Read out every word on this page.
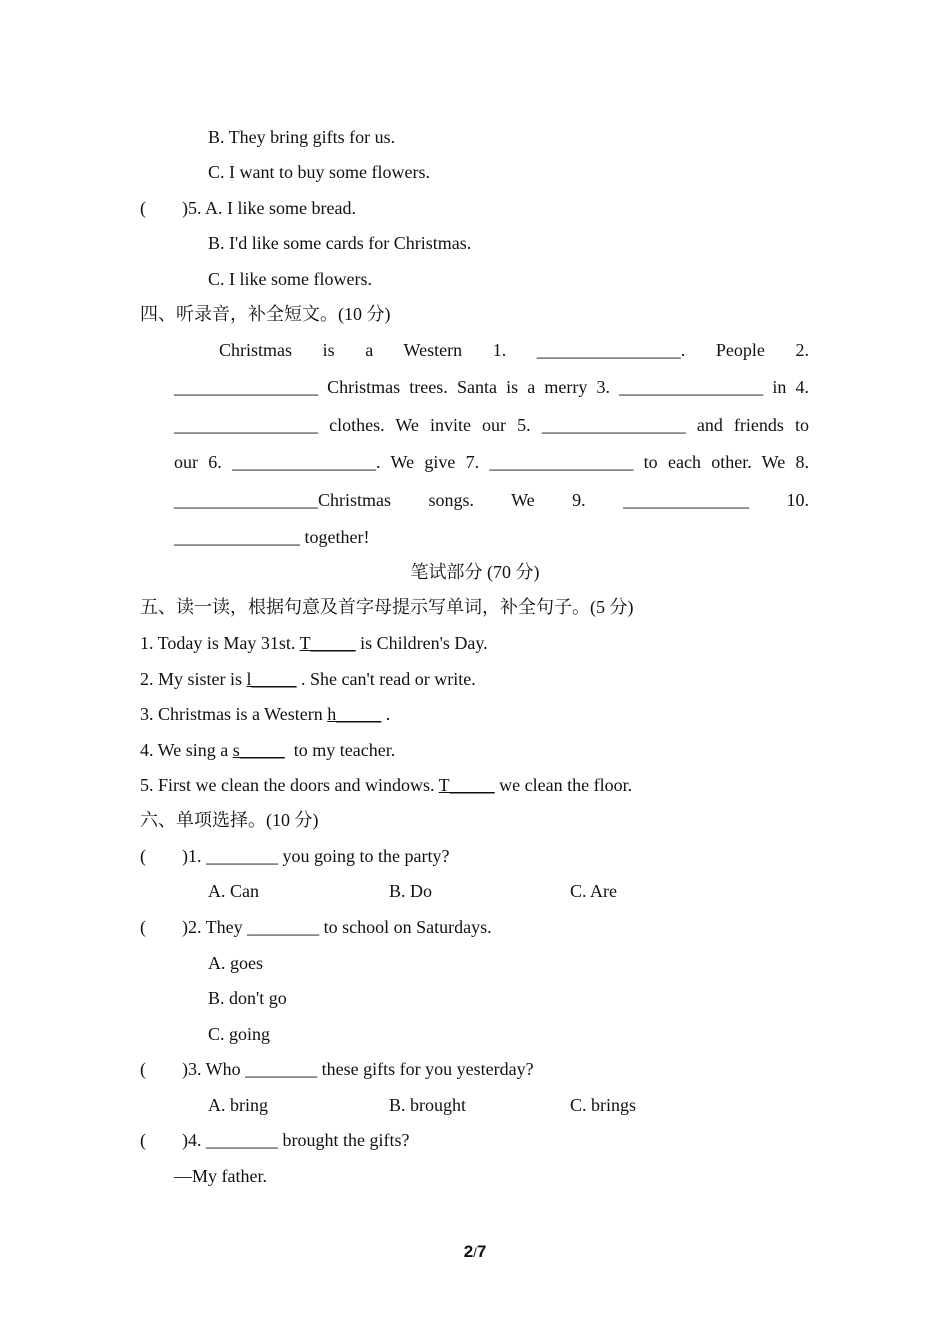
B. They bring gifts for us.
C. I want to buy some flowers.
(        )5. A. I like some bread.
B. I'd like some cards for Christmas.
C. I like some flowers.
四、听录音，补全短文。(10 分)
Christmas is a Western 1. ________________. People 2.
________________ Christmas trees. Santa is a merry 3. ________________ in 4.
________________ clothes. We invite our 5. ________________ and friends to
our 6. ________________. We give 7. ________________ to each other. We 8.
________________Christmas songs. We 9. ______________ 10.
______________ together!
笔试部分 (70 分)
五、读一读，根据句意及首字母提示写单词，补全句子。(5 分)
1. Today is May 31st. T_____ is Children's Day.
2. My sister is l_____ . She can't read or write.
3. Christmas is a Western h_____ .
4. We sing a s_____  to my teacher.
5. First we clean the doors and windows. T_____ we clean the floor.
六、单项选择。(10 分)
(        )1. ________ you going to the party?
A. Can	B. Do	C. Are
(        )2. They ________ to school on Saturdays.
A. goes
B. don't go
C. going
(        )3. Who ________ these gifts for you yesterday?
A. bring	B. brought	C. brings
(        )4. ________ brought the gifts?
—My father.
2/7
